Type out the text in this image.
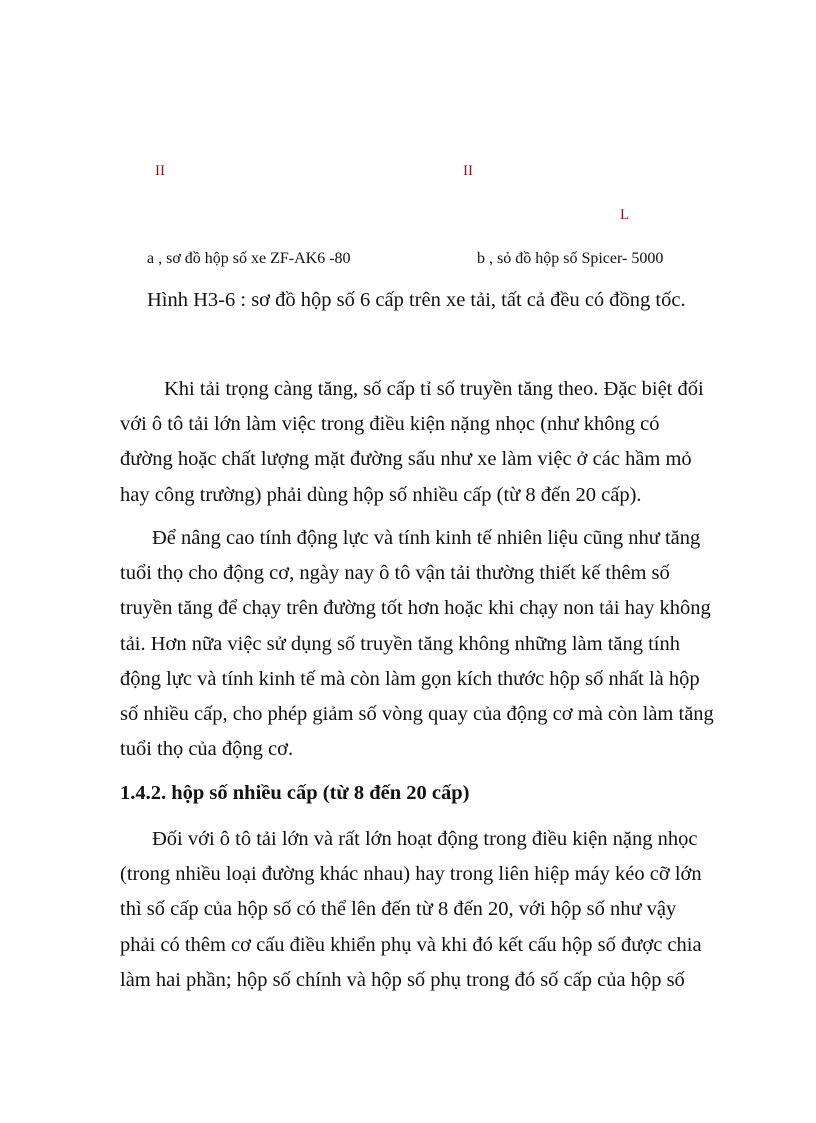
II	II
L
a , sơ đồ hộp số xe ZF-AK6 -80	b , sỏ đồ hộp số Spicer- 5000
Hình H3-6 : sơ đồ hộp số 6 cấp trên xe tải, tất cả đều có đồng tốc.
Khi tải trọng càng tăng, số cấp tỉ số truyền tăng theo. Đặc biệt đối
với ô tô tải lớn làm việc trong điều kiện nặng nhọc (như không có
đường hoặc chất lượng mặt đường sấu như xe làm việc ở các hầm mỏ
hay công trường) phải dùng hộp số nhiều cấp (từ 8 đến 20 cấp).
Để nâng cao tính động lực và tính kinh tế nhiên liệu cũng như tăng
tuổi thọ cho động cơ, ngày nay ô tô vận tải thường thiết kế thêm số
truyền tăng để chạy trên đường tốt hơn hoặc khi chạy non tải hay không
tải. Hơn nữa việc sử dụng số truyền tăng không những làm tăng tính
động lực và tính kinh tế mà còn làm gọn kích thước hộp số nhất là hộp
số nhiều cấp, cho phép giảm số vòng quay của động cơ mà còn làm tăng
tuổi thọ của động cơ.
1.4.2. hộp số nhiều cấp (từ 8 đến 20 cấp)
Đối với ô tô tải lớn và rất lớn hoạt động trong điều kiện nặng nhọc
(trong nhiều loại đường khác nhau) hay trong liên hiệp máy kéo cỡ lớn
thì số cấp của hộp số có thể lên đến từ 8 đến 20, với hộp số như vậy
phải có thêm cơ cấu điều khiển phụ và khi đó kết cấu hộp số được chia
làm hai phần; hộp số chính và hộp số phụ trong đó số cấp của hộp số
